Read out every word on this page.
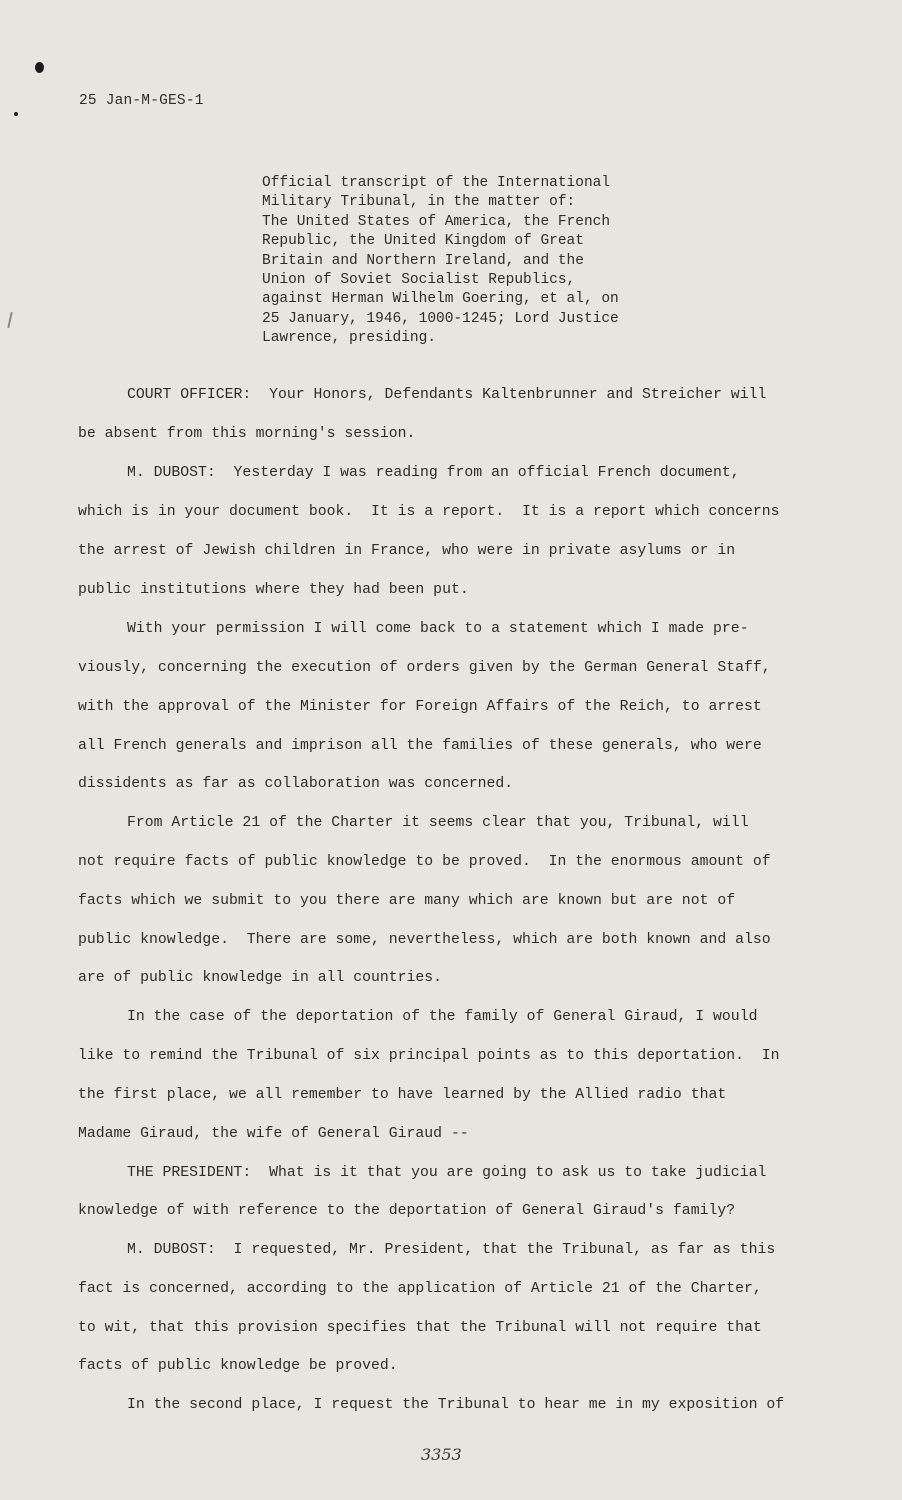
25 Jan-M-GES-1
Official transcript of the International
Military Tribunal, in the matter of:
The United States of America, the French
Republic, the United Kingdom of Great
Britain and Northern Ireland, and the
Union of Soviet Socialist Republics,
against Herman Wilhelm Goering, et al, on
25 January, 1946, 1000-1245; Lord Justice
Lawrence, presiding.
COURT OFFICER:  Your Honors, Defendants Kaltenbrunner and Streicher will
be absent from this morning's session.
M. DUBOST:  Yesterday I was reading from an official French document,
which is in your document book.  It is a report.  It is a report which concerns
the arrest of Jewish children in France, who were in private asylums or in
public institutions where they had been put.
With your permission I will come back to a statement which I made pre-
viously, concerning the execution of orders given by the German General Staff,
with the approval of the Minister for Foreign Affairs of the Reich, to arrest
all French generals and imprison all the families of these generals, who were
dissidents as far as collaboration was concerned.
From Article 21 of the Charter it seems clear that you, Tribunal, will
not require facts of public knowledge to be proved.  In the enormous amount of
facts which we submit to you there are many which are known but are not of
public knowledge.  There are some, nevertheless, which are both known and also
are of public knowledge in all countries.
In the case of the deportation of the family of General Giraud, I would
like to remind the Tribunal of six principal points as to this deportation.  In
the first place, we all remember to have learned by the Allied radio that
Madame Giraud, the wife of General Giraud --
THE PRESIDENT:  What is it that you are going to ask us to take judicial
knowledge of with reference to the deportation of General Giraud's family?
M. DUBOST:  I requested, Mr. President, that the Tribunal, as far as this
fact is concerned, according to the application of Article 21 of the Charter,
to wit, that this provision specifies that the Tribunal will not require that
facts of public knowledge be proved.
In the second place, I request the Tribunal to hear me in my exposition of
3353
